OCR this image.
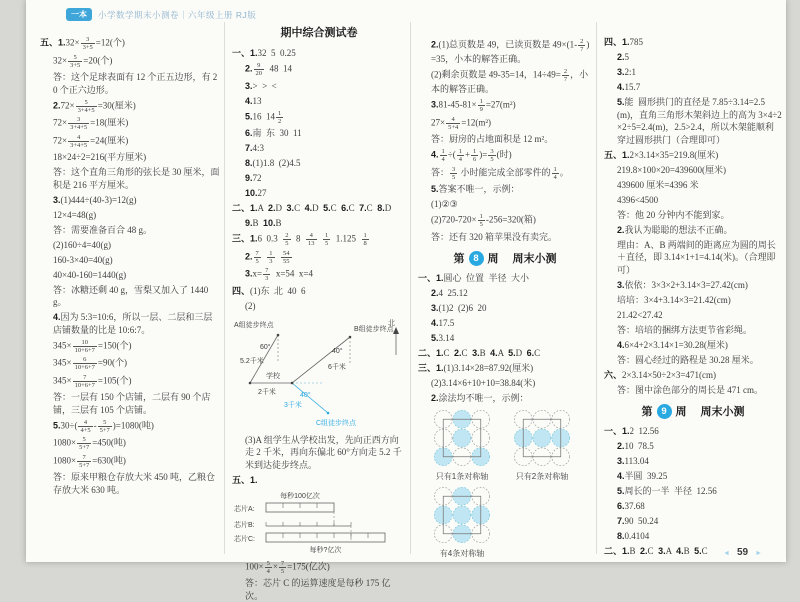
一本	小学数学期末小测卷｜六年级上册 RJ版
五、$1.32\times \frac{3}{3+5} =12$(个)
$32\times \frac{5}{3+5} =20$(个)
答：这个足球表面有 12 个正五边形，有 20 个正六边形。
$2.72\times \frac{5}{3+4+5} =30$(厘米)
$72\times \frac{3}{3+4+5} =18$(厘米)
$72\times \frac{4}{3+4+5} =24$(厘米)
18×24÷2=216(平方厘米)
答：这个直角三角形的弦长是 30 厘米，面积是 216 平方厘米。
3.(1)444÷(40-3)=12(g)
12×4=48(g)
答：需要准备百合 48 g。
(2)160÷4=40(g)
160-3×40=40(g)
40×40-160=1440(g)
答：冰糖还剩 40 g，雪梨又加入了 1440 g。
4.因为 5:3=10:6，所以一层、二层和三层店铺数量的比是 10:6:7。
$345\times \frac{10}{10+6+7} =150$(个)
$345\times \frac{6}{10+6+7} =90$(个)
$345\times \frac{7}{10+6+7} =105$(个)
答：一层有 150 个店铺，二层有 90 个店铺，三层有 105 个店铺。
$5.30\div( \frac{4}{4+5} - \frac{5}{5+7} )=1080$(吨)
$1080\times \frac{5}{5+7} =450$(吨)
$1080\times \frac{7}{5+7} =630$(吨)
答：原来甲粮仓存放大米 450 吨，乙粮仓存放大米 630 吨。
期中综合测试卷
一、1.32  5  0.25
2. $\frac{9}{20} 48$  14
3.>  >  <
4.13
5.16  $14 \frac{1}{2}$
6.南  东  30  11
7.4:3
8.(1)1.8  (2)4.5
9.72
10.27
二、1.A  2.D  3.C  4.D  5.C  6.C  7.C  8.D
9.B  10.B
三、1.6  $0.3 \frac{2}{5} 8 \frac{4}{13}$
$\frac{1}{5} 1.125 \frac{1}{8}$
2. $\frac{7}{5}$
$\frac{1}{3}$
$\frac{54}{55}$
$3.x= \frac{7}{3} x=54$  x=4
四、(1)东  北  40  6
(2)
A组徒步终点
B组徒步终点
C组徒步终点
学校
北
5.2千米
6千米
2千米
3千米
60°
40°
40°
(3)A 组学生从学校出发，先向正西方向走 2 千米，再向东偏北 60°方向走 5.2 千米到达徒步终点。
五、1.
每秒100亿次
芯片A:
芯片B:
芯片C:
每秒?亿次
$100\times \frac{5}{4} \times \frac{7}{5} =175$(亿次)
答：芯片 C 的运算速度是每秒 175 亿次。
2.(1)总页数是 49，已读页数是 $49\times(1- \frac{2}{7} )=35$，小本的解答正确。
(2)剩余页数是 49-35=14，$14\div 49= \frac{2}{7}$ ，小本的解答正确。
$3.81-45-81\times \frac{1}{9} =27(m^2)$
$27\times \frac{4}{5+4} =12(m^2)$
答：厨房的占地面积是 12 m²。
4. $\frac{1}{4}$ ÷( $\frac{1}{4} + \frac{1}{6}$ )= $\frac{3}{5}$ (时)
答： $\frac{3}{5}$ 小时能完成全部零件的 $\frac{1}{4}$ 。
5.答案不唯一，示例：
(1)②③
$(2)720-720\times \frac{1}{5} -256=320$(箱)
答：还有 320 箱苹果没有卖完。
第 8 周 周末小测
一、1.圆心  位置  半径  大小
2.4  25.12
3.(1)2  (2)6  20
4.17.5
5.3.14
二、1.C  2.C  3.B  4.A  5.D  6.C
三、1.(1)3.14×28=87.92(厘米)
(2)3.14×6+10+10=38.84(米)
2.涂法均不唯一，示例：
只有1条对称轴	只有2条对称轴
有4条对称轴
四、1.785
2.5
3.2:1
4.15.7
5.能  圆形拱门的直径是 7.85÷3.14=2.5(m)，直角三角形木架斜边上的高为 3×4÷2×2÷5=2.4(m)，2.5>2.4，所以木架能顺利穿过圆形拱门（合理即可）
五、1.2×3.14×35=219.8(厘米)
219.8×100×20=439600(厘米)
439600 厘米=4396 米
4396<4500
答：他 20 分钟内不能到家。
2.我认为聪聪的想法不正确。
理由：A、B 两端间的距离应为圆的周长＋直径，即 3.14×1+1=4.14(米)。（合理即可）
3.依依：3×3×2+3.14×3=27.42(cm)
培培：3×4+3.14×3=21.42(cm)
21.42<27.42
答：培培的捆绑方法更节省彩绳。
4.6×4+2×3.14×1=30.28(厘米)
答：圆心经过的路程是 30.28 厘米。
六、2×3.14×50÷2×3=471(cm)
答：图中涂色部分的周长是 471 cm。
第 9 周 周末小测
一、1.2  12.56
2.10  78.5
3.113.04
4.半圆  39.25
5.周长的一半  半径  12.56
6.37.68
7.90  50.24
8.0.4104
二、1.B  2.C  3.A  4.B  5.C	◄ 59 ►
